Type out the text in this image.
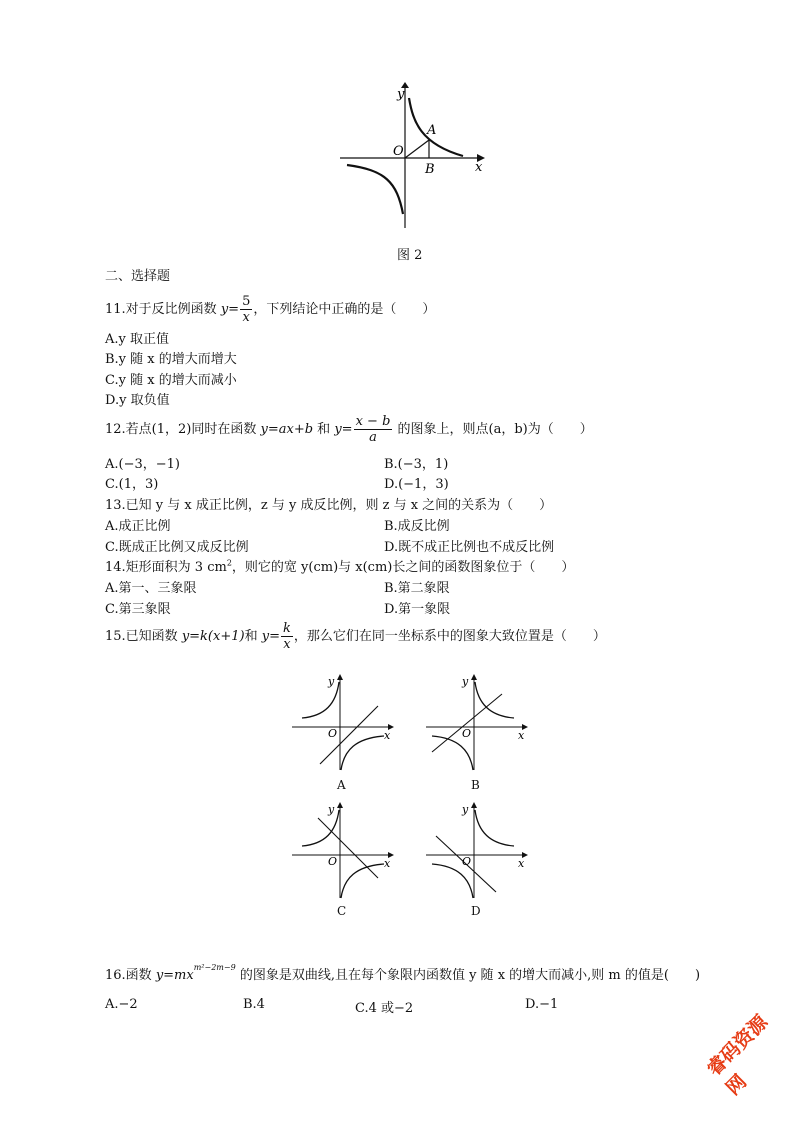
y
x
O
A
B
图 2
二、选择题
11.对于反比例函数 $y= \frac{5}{x}$ ，下列结论中正确的是（　　）
A.y 取正值
B.y 随 x 的增大而增大
C.y 随 x 的增大而减小
D.y 取负值
12.若点(1，2)同时在函数 y=ax+b 和 $y= \frac{x - b}{a}$ 的图象上，则点(a，b)为（　　）
A.(−3，−1)	B.(−3，1)
C.(1，3)	D.(−1，3)
13.已知 y 与 x 成正比例，z 与 y 成反比例，则 z 与 x 之间的关系为（　　）
A.成正比例	B.成反比例
C.既成正比例又成反比例	D.既不成正比例也不成反比例
14.矩形面积为 3 $cm^2$，则它的宽 y(cm)与 x(cm)长之间的函数图象位于（　　）
A.第一、三象限	B.第二象限
C.第三象限	D.第一象限
15.已知函数 y=k(x+1)和 $y= \frac{k}{x}$ ，那么它们在同一坐标系中的图象大致位置是（　　）
y
x
O
A
y
x
O
B
y
x
O
C
y
x
O
D
16.函数 $y=mx^{m^2-2m-9}$ 的图象是双曲线,且在每个象限内函数值 y 随 x 的增大而减小,则 m 的值是(　　)
A.−2	B.4	C.4 或−2	D.−1
睿码资源网
